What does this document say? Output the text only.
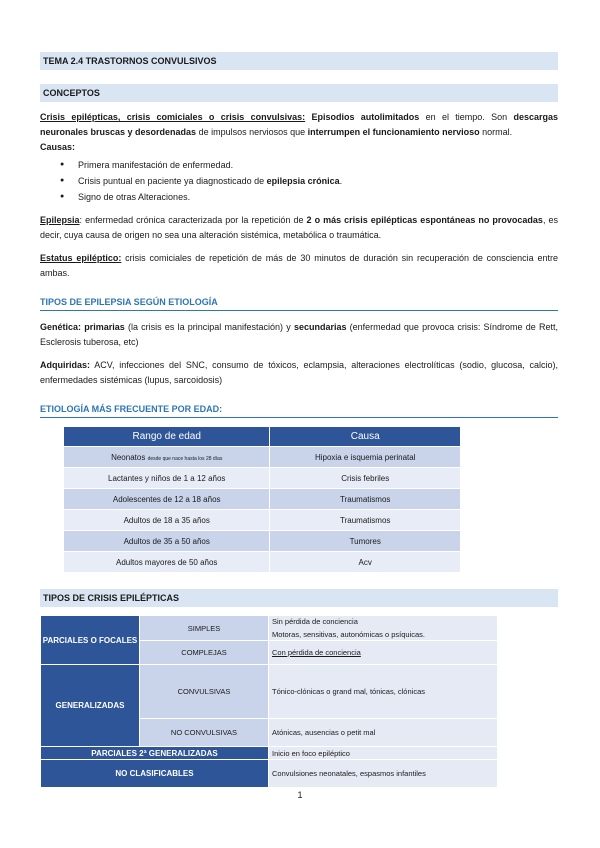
TEMA 2.4 TRASTORNOS CONVULSIVOS
CONCEPTOS
Crisis epilépticas, crisis comiciales o crisis convulsivas: Episodios autolimitados en el tiempo. Son descargas neuronales bruscas y desordenadas de impulsos nerviosos que interrumpen el funcionamiento nervioso normal.
Causas:
● Primera manifestación de enfermedad.
● Crisis puntual en paciente ya diagnosticado de epilepsia crónica.
● Signo de otras Alteraciones.
Epilepsia: enfermedad crónica caracterizada por la repetición de 2 o más crisis epilépticas espontáneas no provocadas, es decir, cuya causa de origen no sea una alteración sistémica, metabólica o traumática.
Estatus epiléptico: crisis comiciales de repetición de más de 30 minutos de duración sin recuperación de consciencia entre ambas.
TIPOS DE EPILEPSIA SEGÚN ETIOLOGÍA
Genética: primarias (la crisis es la principal manifestación) y secundarias (enfermedad que provoca crisis: Síndrome de Rett, Esclerosis tuberosa, etc)
Adquiridas: ACV, infecciones del SNC, consumo de tóxicos, eclampsia, alteraciones electrolíticas (sodio, glucosa, calcio), enfermedades sistémicas (lupus, sarcoidosis)
ETIOLOGÍA MÁS FRECUENTE POR EDAD:
Rango de edad	Causa
Neonatos desde que nace hasta los 28 días	Hipoxia e isquemia perinatal
Lactantes y niños de 1 a 12 años	Crisis febriles
Adolescentes de 12 a 18 años	Traumatismos
Adultos de 18 a 35 años	Traumatismos
Adultos de 35 a 50 años	Tumores
Adultos mayores de 50 años	Acv
TIPOS DE CRISIS EPILÉPTICAS
PARCIALES O FOCALES	SIMPLES	Sin pérdida de conciencia
Motoras, sensitivas, autonómicas o psíquicas.

	COMPLEJAS	Con pérdida de conciencia
GENERALIZADAS	CONVULSIVAS	Tónico-clónicas o grand mal, tónicas, clónicas
	NO CONVULSIVAS	Atónicas, ausencias o petit mal
PARCIALES 2ª GENERALIZADAS		Inicio en foco epiléptico
NO CLASIFICABLES		Convulsiones neonatales, espasmos infantiles
1
